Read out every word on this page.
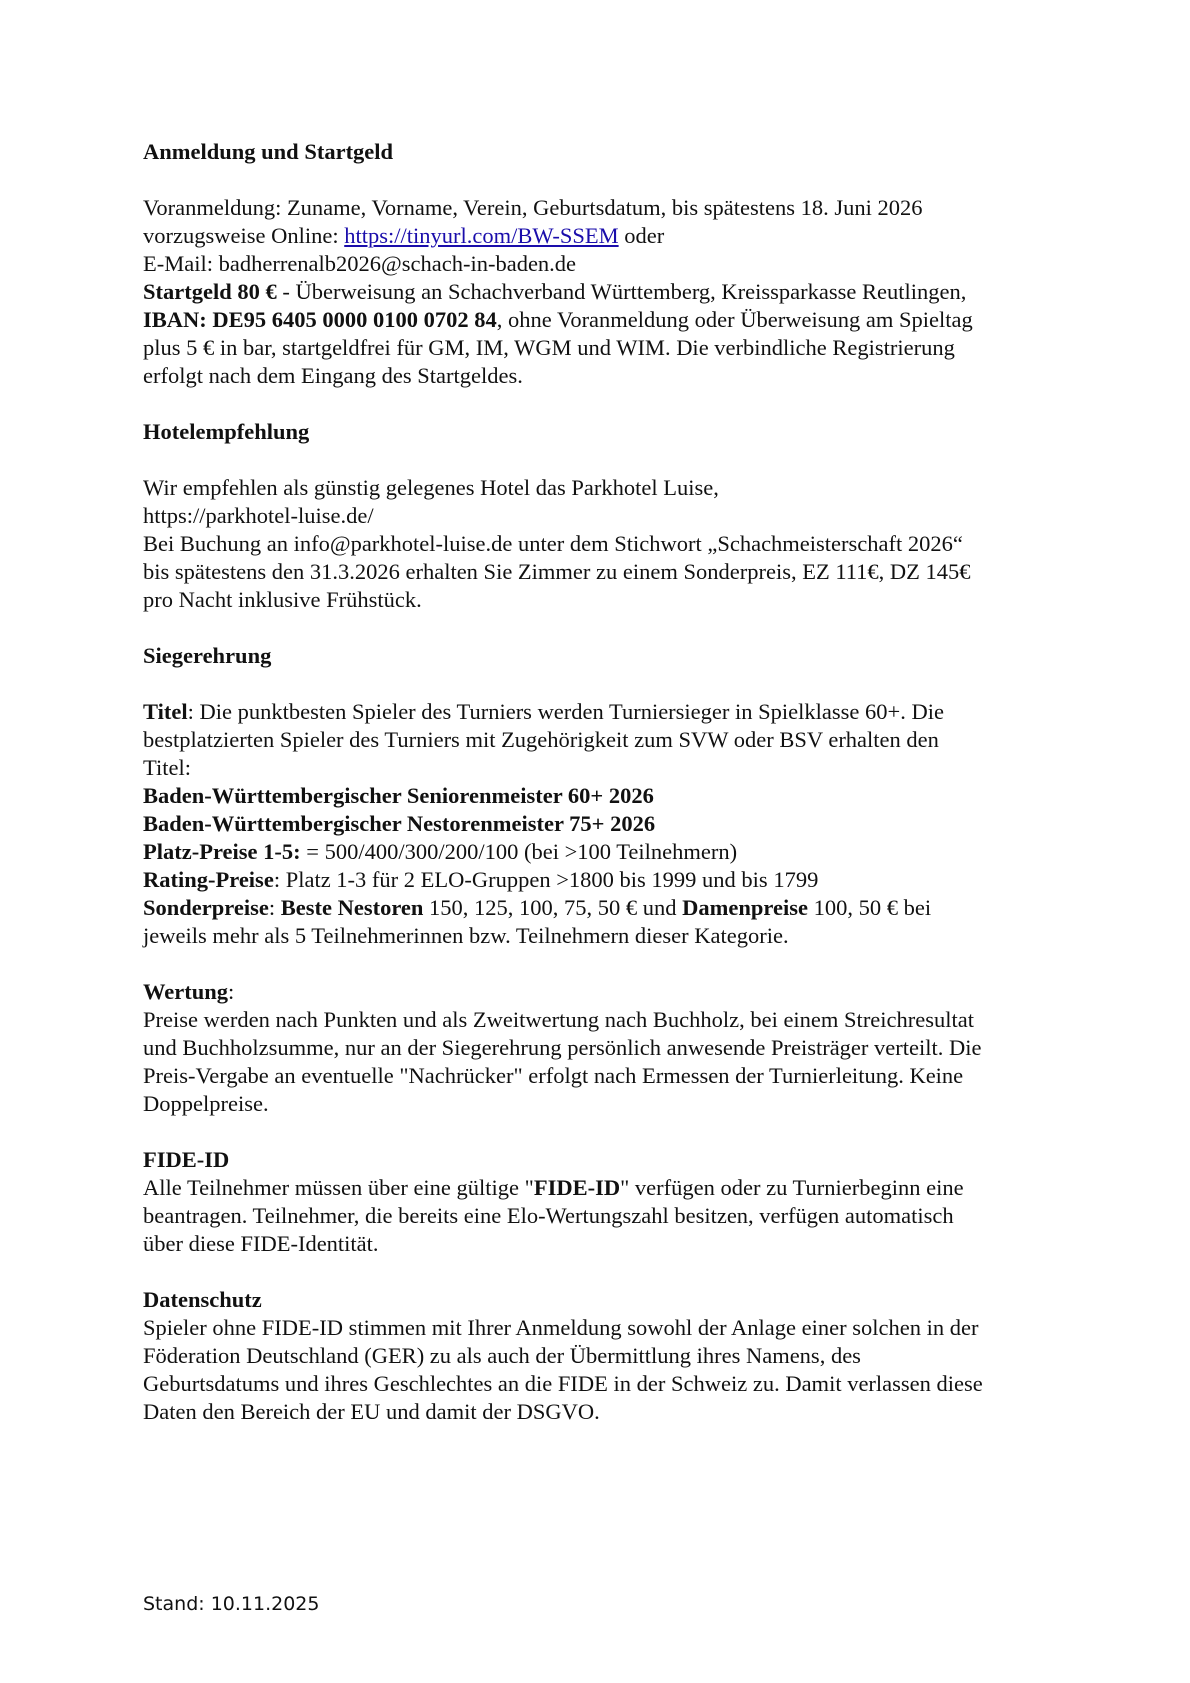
Anmeldung und Startgeld
Voranmeldung: Zuname, Vorname, Verein, Geburtsdatum, bis spätestens 18. Juni 2026
vorzugsweise Online: https://tinyurl.com/BW-SSEM oder
E-Mail: badherrenalb2026@schach-in-baden.de
Startgeld 80 € - Überweisung an Schachverband Württemberg, Kreissparkasse Reutlingen,
IBAN: DE95 6405 0000 0100 0702 84, ohne Voranmeldung oder Überweisung am Spieltag
plus 5 € in bar, startgeldfrei für GM, IM, WGM und WIM. Die verbindliche Registrierung
erfolgt nach dem Eingang des Startgeldes.
Hotelempfehlung
Wir empfehlen als günstig gelegenes Hotel das Parkhotel Luise,
https://parkhotel-luise.de/
Bei Buchung an info@parkhotel-luise.de unter dem Stichwort „Schachmeisterschaft 2026“
bis spätestens den 31.3.2026 erhalten Sie Zimmer zu einem Sonderpreis, EZ 111€, DZ 145€
pro Nacht inklusive Frühstück.
Siegerehrung
Titel: Die punktbesten Spieler des Turniers werden Turniersieger in Spielklasse 60+. Die
bestplatzierten Spieler des Turniers mit Zugehörigkeit zum SVW oder BSV erhalten den
Titel:
Baden-Württembergischer Seniorenmeister 60+ 2026
Baden-Württembergischer Nestorenmeister 75+ 2026
Platz-Preise 1-5: = 500/400/300/200/100 (bei >100 Teilnehmern)
Rating-Preise: Platz 1-3 für 2 ELO-Gruppen >1800 bis 1999 und bis 1799
Sonderpreise: Beste Nestoren 150, 125, 100, 75, 50 € und Damenpreise 100, 50 € bei
jeweils mehr als 5 Teilnehmerinnen bzw. Teilnehmern dieser Kategorie.
Wertung:
Preise werden nach Punkten und als Zweitwertung nach Buchholz, bei einem Streichresultat
und Buchholzsumme, nur an der Siegerehrung persönlich anwesende Preisträger verteilt. Die
Preis-Vergabe an eventuelle "Nachrücker" erfolgt nach Ermessen der Turnierleitung. Keine
Doppelpreise.
FIDE-ID
Alle Teilnehmer müssen über eine gültige "FIDE-ID" verfügen oder zu Turnierbeginn eine
beantragen. Teilnehmer, die bereits eine Elo-Wertungszahl besitzen, verfügen automatisch
über diese FIDE-Identität.
Datenschutz
Spieler ohne FIDE-ID stimmen mit Ihrer Anmeldung sowohl der Anlage einer solchen in der
Föderation Deutschland (GER) zu als auch der Übermittlung ihres Namens, des
Geburtsdatums und ihres Geschlechtes an die FIDE in der Schweiz zu. Damit verlassen diese
Daten den Bereich der EU und damit der DSGVO.
Stand: 10.11.2025
